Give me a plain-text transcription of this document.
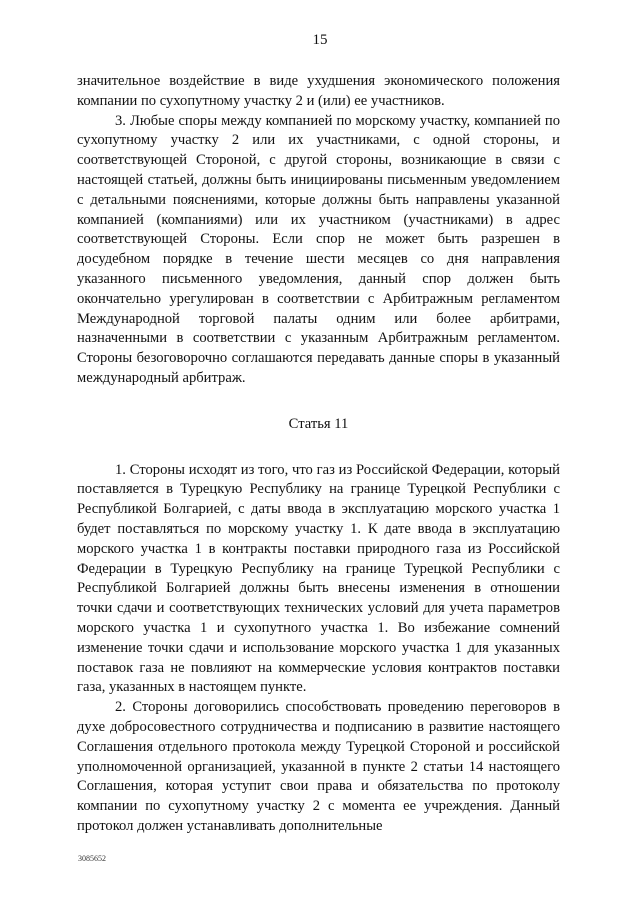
15

значительное воздействие в виде ухудшения экономического положения компании по сухопутному участку 2 и (или) ее участников.

3. Любые споры между компанией по морскому участку, компанией по сухопутному участку 2 или их участниками, с одной стороны, и соответствующей Стороной, с другой стороны, возникающие в связи с настоящей статьей, должны быть инициированы письменным уведомлением с детальными пояснениями, которые должны быть направлены указанной компанией (компаниями) или их участником (участниками) в адрес соответствующей Стороны. Если спор не может быть разрешен в досудебном порядке в течение шести месяцев со дня направления указанного письменного уведомления, данный спор должен быть окончательно урегулирован в соответствии с Арбитражным регламентом Международной торговой палаты одним или более арбитрами, назначенными в соответствии с указанным Арбитражным регламентом. Стороны безоговорочно соглашаются передавать данные споры в указанный международный арбитраж.

Статья 11

1. Стороны исходят из того, что газ из Российской Федерации, который поставляется в Турецкую Республику на границе Турецкой Республики с Республикой Болгарией, с даты ввода в эксплуатацию морского участка 1 будет поставляться по морскому участку 1. К дате ввода в эксплуатацию морского участка 1 в контракты поставки природного газа из Российской Федерации в Турецкую Республику на границе Турецкой Республики с Республикой Болгарией должны быть внесены изменения в отношении точки сдачи и соответствующих технических условий для учета параметров морского участка 1 и сухопутного участка 1. Во избежание сомнений изменение точки сдачи и использование морского участка 1 для указанных поставок газа не повлияют на коммерческие условия контрактов поставки газа, указанных в настоящем пункте.

2. Стороны договорились способствовать проведению переговоров в духе добросовестного сотрудничества и подписанию в развитие настоящего Соглашения отдельного протокола между Турецкой Стороной и российской уполномоченной организацией, указанной в пункте 2 статьи 14 настоящего Соглашения, которая уступит свои права и обязательства по протоколу компании по сухопутному участку 2 с момента ее учреждения. Данный протокол должен устанавливать дополнительные

3085652
